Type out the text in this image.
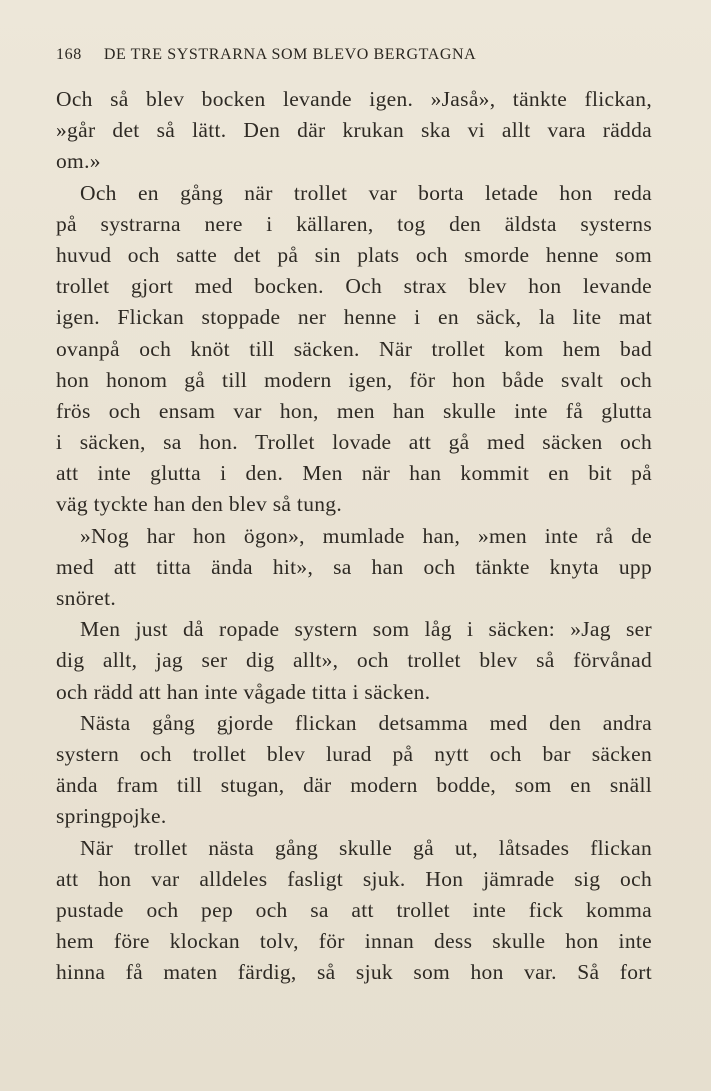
168 DE TRE SYSTRARNA SOM BLEVO BERGTAGNA
Och så blev bocken levande igen. »Jaså», tänkte flickan,
»går det så lätt. Den där krukan ska vi allt vara rädda
om.»
Och en gång när trollet var borta letade hon reda
på systrarna nere i källaren, tog den äldsta systerns
huvud och satte det på sin plats och smorde henne som
trollet gjort med bocken. Och strax blev hon levande
igen. Flickan stoppade ner henne i en säck, la lite mat
ovanpå och knöt till säcken. När trollet kom hem bad
hon honom gå till modern igen, för hon både svalt och
frös och ensam var hon, men han skulle inte få glutta
i säcken, sa hon. Trollet lovade att gå med säcken och
att inte glutta i den. Men när han kommit en bit på
väg tyckte han den blev så tung.
»Nog har hon ögon», mumlade han, »men inte rå de
med att titta ända hit», sa han och tänkte knyta upp
snöret.
Men just då ropade systern som låg i säcken: »Jag ser
dig allt, jag ser dig allt», och trollet blev så förvånad
och rädd att han inte vågade titta i säcken.
Nästa gång gjorde flickan detsamma med den andra
systern och trollet blev lurad på nytt och bar säcken
ända fram till stugan, där modern bodde, som en snäll
springpojke.
När trollet nästa gång skulle gå ut, låtsades flickan
att hon var alldeles fasligt sjuk. Hon jämrade sig och
pustade och pep och sa att trollet inte fick komma
hem före klockan tolv, för innan dess skulle hon inte
hinna få maten färdig, så sjuk som hon var. Så fort
